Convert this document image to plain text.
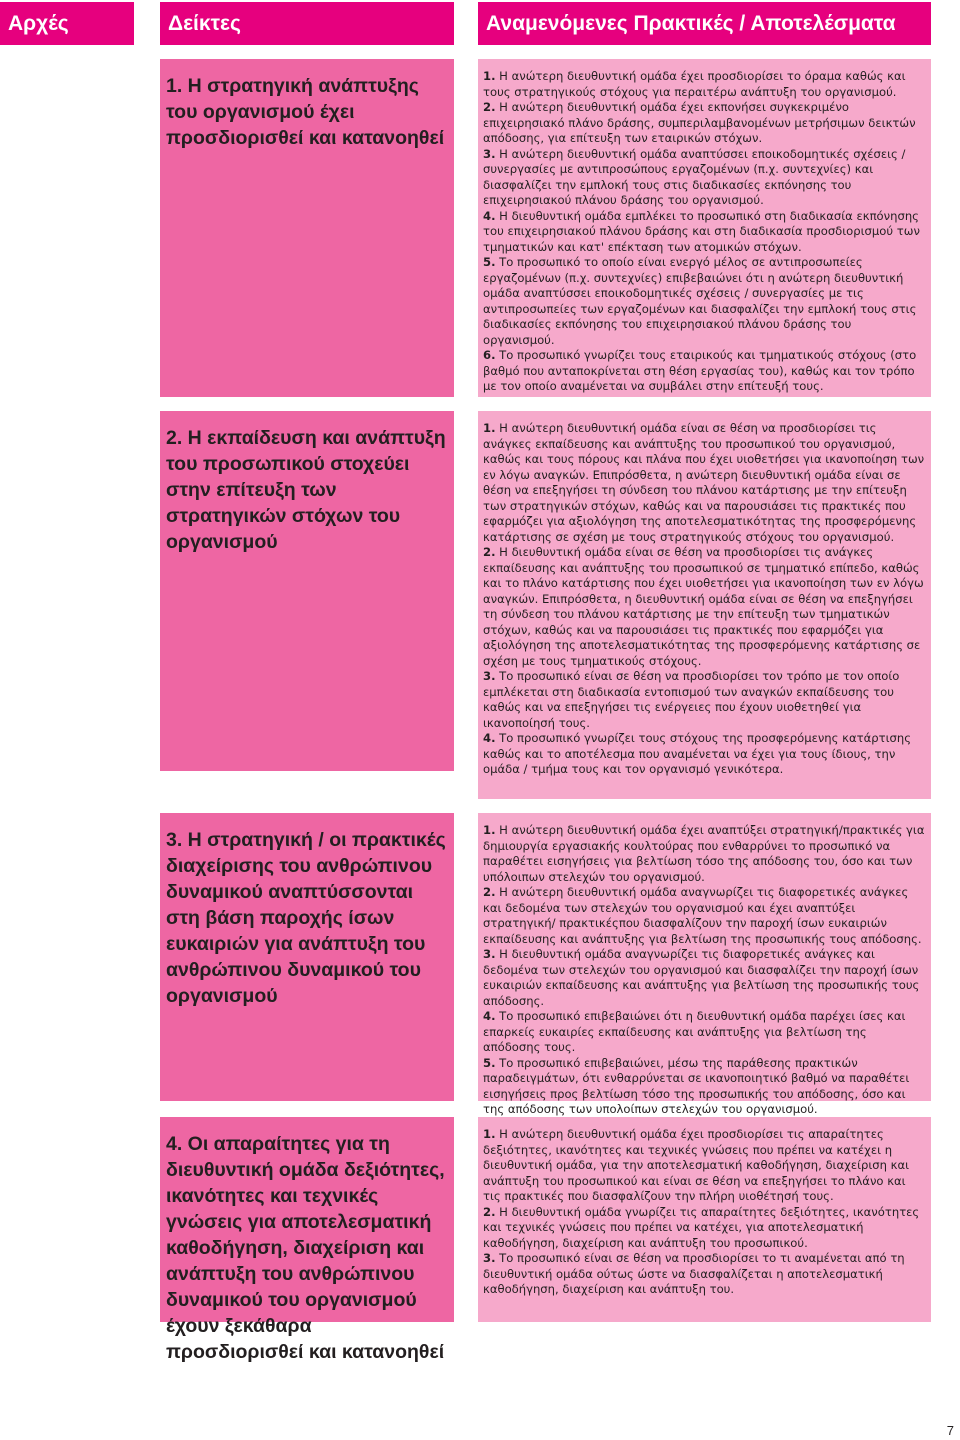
Αρχές	Δείκτες	Αναμενόμενες Πρακτικές / Αποτελέσματα
1. Η στρατηγική ανάπτυξης του οργανισμού έχει προσδιορισθεί και κατανοηθεί
2. Η εκπαίδευση και ανάπτυξη του προσωπικού στοχεύει στην επίτευξη των στρατηγικών στόχων του οργανισμού
3. Η στρατηγική / οι πρακτικές διαχείρισης του ανθρώπινου δυναμικού αναπτύσσονται στη βάση παροχής ίσων ευκαιριών για ανάπτυξη του ανθρώπινου δυναμικού του οργανισμού
4. Οι απαραίτητες για τη διευθυντική ομάδα δεξιότητες, ικανότητες και τεχνικές γνώσεις για αποτελεσματική καθοδήγηση, διαχείριση και ανάπτυξη του ανθρώπινου δυναμικού του οργανισμού έχουν ξεκάθαρα προσδιορισθεί και κατανοηθεί

1. Η ανώτερη διευθυντική ομάδα έχει προσδιορίσει το όραμα καθώς και τους στρατηγικούς στόχους για περαιτέρω ανάπτυξη του οργανισμού.

2. Η ανώτερη διευθυντική ομάδα έχει εκπονήσει συγκεκριμένο επιχειρησιακό πλάνο δράσης, συμπεριλαμβανομένων μετρήσιμων δεικτών απόδοσης, για επίτευξη των εταιρικών στόχων.

3. Η ανώτερη διευθυντική ομάδα αναπτύσσει εποικοδομητικές σχέσεις / συνεργασίες με αντιπροσώπους εργαζομένων (π.χ. συντεχνίες) και διασφαλίζει την εμπλοκή τους στις διαδικασίες εκπόνησης του επιχειρησιακού πλάνου δράσης του οργανισμού.

4. Η διευθυντική ομάδα εμπλέκει το προσωπικό στη διαδικασία εκπόνησης του επιχειρησιακού πλάνου δράσης και στη διαδικασία προσδιορισμού των τμηματικών και κατ' επέκταση των ατομικών στόχων.

5. Το προσωπικό το οποίο είναι ενεργό μέλος σε αντιπροσωπείες εργαζομένων (π.χ. συντεχνίες) επιβεβαιώνει ότι η ανώτερη διευθυντική ομάδα αναπτύσσει εποικοδομητικές σχέσεις / συνεργασίες με τις αντιπροσωπείες των εργαζομένων και διασφαλίζει την εμπλοκή τους στις διαδικασίες εκπόνησης του επιχειρησιακού πλάνου δράσης του οργανισμού.

6. Το προσωπικό γνωρίζει τους εταιρικούς και τμηματικούς στόχους (στο βαθμό που ανταποκρίνεται στη θέση εργασίας του), καθώς και τον τρόπο με τον οποίο αναμένεται να συμβάλει στην επίτευξή τους.

1. Η ανώτερη διευθυντική ομάδα είναι σε θέση να προσδιορίσει τις ανάγκες εκπαίδευσης και ανάπτυξης του προσωπικού του οργανισμού, καθώς και τους πόρους και πλάνα που έχει υιοθετήσει για ικανοποίηση των εν λόγω αναγκών. Επιπρόσθετα, η ανώτερη διευθυντική ομάδα είναι σε θέση να επεξηγήσει τη σύνδεση του πλάνου κατάρτισης με την επίτευξη των στρατηγικών στόχων, καθώς και να παρουσιάσει τις πρακτικές που εφαρμόζει για αξιολόγηση της αποτελεσματικότητας της προσφερόμενης κατάρτισης σε σχέση με τους στρατηγικούς στόχους του οργανισμού.

2. Η διευθυντική ομάδα είναι σε θέση να προσδιορίσει τις ανάγκες εκπαίδευσης και ανάπτυξης του προσωπικού σε τμηματικό επίπεδο, καθώς και το πλάνο κατάρτισης που έχει υιοθετήσει για ικανοποίηση των εν λόγω αναγκών. Επιπρόσθετα, η διευθυντική ομάδα είναι σε θέση να επεξηγήσει τη σύνδεση του πλάνου κατάρτισης με την επίτευξη των τμηματικών στόχων, καθώς και να παρουσιάσει τις πρακτικές που εφαρμόζει για αξιολόγηση της αποτελεσματικότητας της προσφερόμενης κατάρτισης σε σχέση με τους τμηματικούς στόχους.

3. Το προσωπικό είναι σε θέση να προσδιορίσει τον τρόπο με τον οποίο εμπλέκεται στη διαδικασία εντοπισμού των αναγκών εκπαίδευσης του καθώς και να επεξηγήσει τις ενέργειες που έχουν υιοθετηθεί για ικανοποίησή τους.

4. Το προσωπικό γνωρίζει τους στόχους της προσφερόμενης κατάρτισης καθώς και το αποτέλεσμα που αναμένεται να έχει για τους ίδιους, την ομάδα / τμήμα τους και τον οργανισμό γενικότερα.

1. Η ανώτερη διευθυντική ομάδα έχει αναπτύξει στρατηγική/πρακτικές για δημιουργία εργασιακής κουλτούρας που ενθαρρύνει το προσωπικό να παραθέτει εισηγήσεις για βελτίωση τόσο της απόδοσης του, όσο και των υπόλοιπων στελεχών του οργανισμού.

2. Η ανώτερη διευθυντική ομάδα αναγνωρίζει τις διαφορετικές ανάγκες και δεδομένα των στελεχών του οργανισμού και έχει αναπτύξει στρατηγική/ πρακτικέςπου διασφαλίζουν την παροχή ίσων ευκαιριών εκπαίδευσης και ανάπτυξης για βελτίωση της προσωπικής τους απόδοσης.

3. Η διευθυντική ομάδα αναγνωρίζει τις διαφορετικές ανάγκες και δεδομένα των στελεχών του οργανισμού και διασφαλίζει την παροχή ίσων ευκαιριών εκπαίδευσης και ανάπτυξης για βελτίωση της προσωπικής τους απόδοσης.

4. Το προσωπικό επιβεβαιώνει ότι η διευθυντική ομάδα παρέχει ίσες και επαρκείς ευκαιρίες εκπαίδευσης και ανάπτυξης για βελτίωση της απόδοσης τους.

5. Το προσωπικό επιβεβαιώνει, μέσω της παράθεσης πρακτικών παραδειγμάτων, ότι ενθαρρύνεται σε ικανοποιητικό βαθμό να παραθέτει εισηγήσεις προς βελτίωση τόσο της προσωπικής του απόδοσης, όσο και της απόδοσης των υπολοίπων στελεχών του οργανισμού.

1. Η ανώτερη διευθυντική ομάδα έχει προσδιορίσει τις απαραίτητες δεξιότητες, ικανότητες και τεχνικές γνώσεις που πρέπει να κατέχει η διευθυντική ομάδα, για την αποτελεσματική καθοδήγηση, διαχείριση και ανάπτυξη του προσωπικού και είναι σε θέση να επεξηγήσει το πλάνο και τις πρακτικές που διασφαλίζουν την πλήρη υιοθέτησή τους.

2. Η διευθυντική ομάδα γνωρίζει τις απαραίτητες δεξιότητες, ικανότητες και τεχνικές γνώσεις που πρέπει να κατέχει, για αποτελεσματική καθοδήγηση, διαχείριση και ανάπτυξη του προσωπικού.

3. Το προσωπικό είναι σε θέση να προσδιορίσει το τι αναμένεται από τη διευθυντική ομάδα ούτως ώστε να διασφαλίζεται η αποτελεσματική καθοδήγηση, διαχείριση και ανάπτυξη του.

7
